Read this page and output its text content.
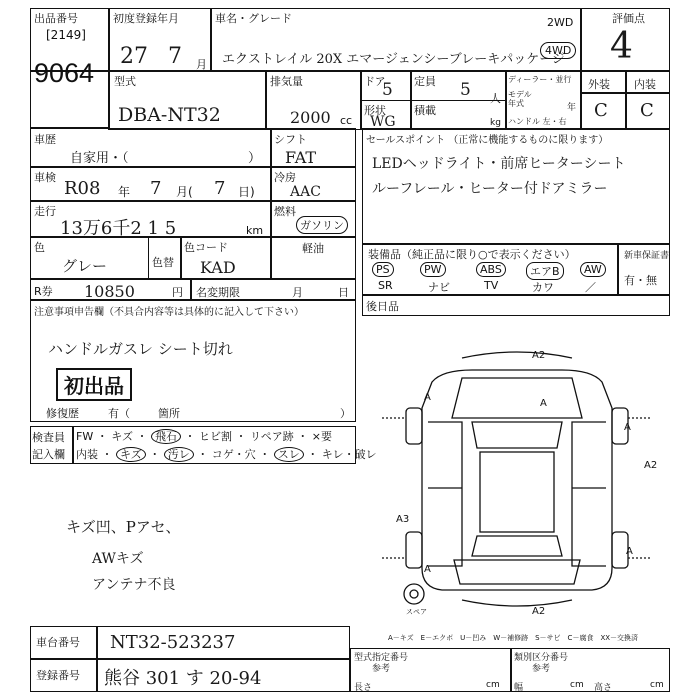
出品番号
[2149]
9064
初度登録年月
27 7 月
車名・グレード
エクストレイル 20X エマージェンシーブレーキパッケージ
2WD
4WD
評価点
4
型式
DBA-NT32
排気量
2000 cc
ドア
5 定員 5 人
形状
WG
積載
kg
ディーラー・並行
モデル年式	年
ハンドル 左・右
外装 内装
C C
車歴
自家用・（	）
シフト
FAT
車検
R08 年 7 月( 7 日)
冷房
AAC
走行
13万6千2 1 5	km
燃料
ガソリン
軽油
色
グレー	色替
色コード
KAD
R券 10850	円 名変期限	月	日
セールスポイント （正常に機能するものに限ります）
LEDヘッドライト・前席ヒーターシート
ルーフレール・ヒーター付ドアミラー
装備品（純正品に限り○で表示ください）	新車保証書
PS	PW	ABS	エアB	AW
SR	ナビ	TV	カワ	／
有・無
後日品
注意事項申告欄（不具合内容等は具体的に記入して下さい）
ハンドルガスレ シート切れ
初出品
修復歴	有（	箇所	）
検査員
記入欄
FW ・ キズ ・ 飛石 ・ ヒビ割 ・ リペア跡 ・ ×要
内装 ・ キズ ・ 汚レ ・ コゲ・穴 ・ スレ ・ キレ・破レ
キズ凹、Pアセ、
AWキズ
アンテナ不良
A2
A
A
A
A2
A3
A
A
A2
スペア
A－キズ　E－エクボ　U－凹み　W－補修跡　S－サビ　C－腐食　XX－交換済
車台番号 NT32-523237
登録番号 熊谷 301 す 20-94
型式指定番号
参考
類別区分番号
参考
長さ	cm 幅	cm 高さ	cm
